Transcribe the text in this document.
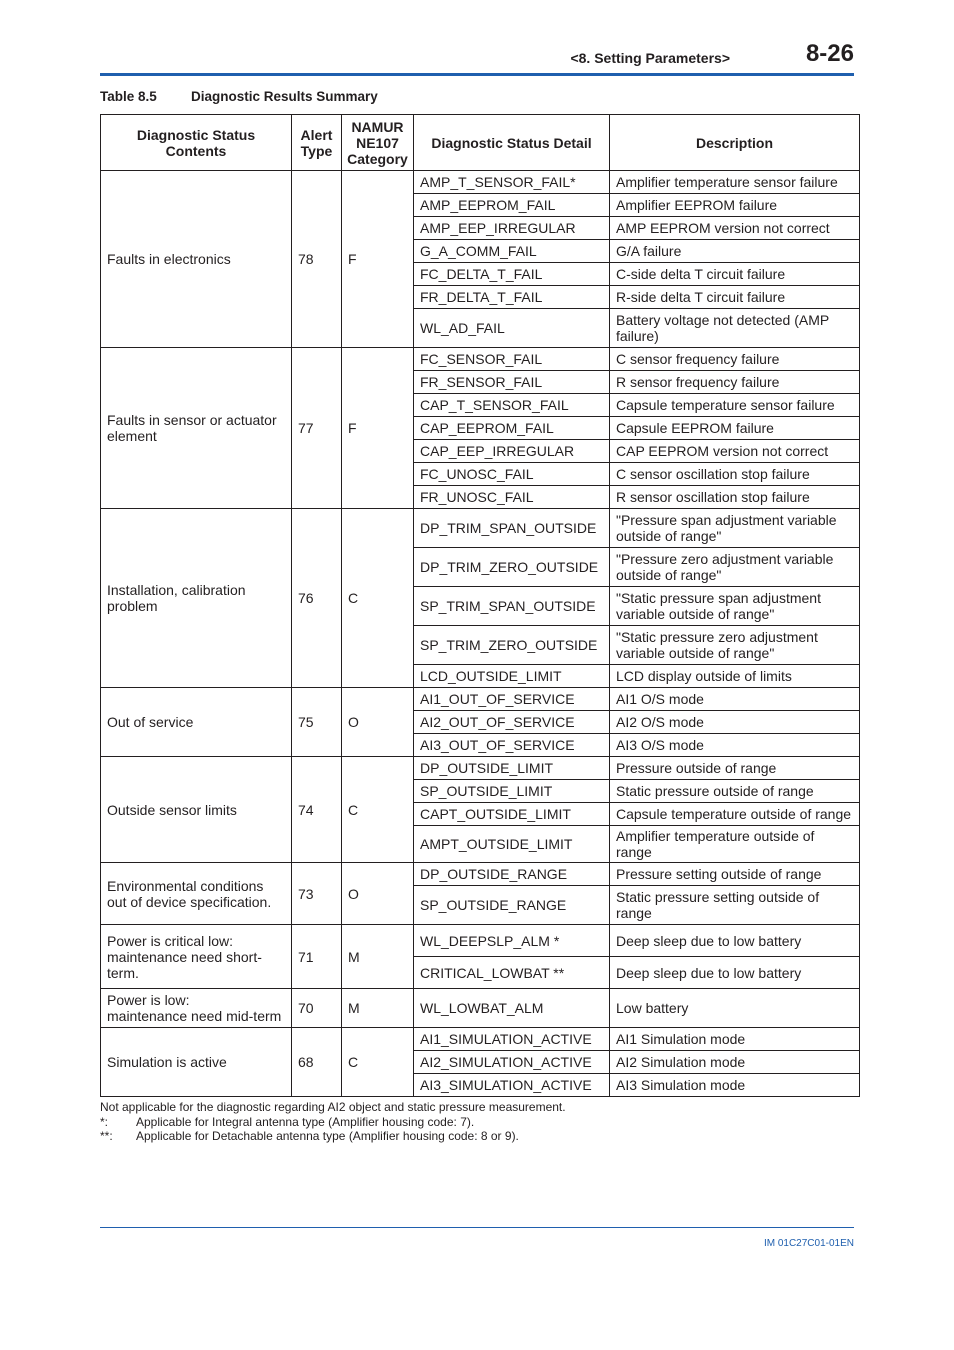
<8. Setting Parameters>	8-26
Table 8.5	Diagnostic Results Summary
Diagnostic Status Contents	Alert Type	NAMUR NE107 Category	Diagnostic Status Detail	Description
Faults in electronics	78	F	AMP_T_SENSOR_FAIL*	Amplifier temperature sensor failure
			AMP_EEPROM_FAIL	Amplifier EEPROM failure
			AMP_EEP_IRREGULAR	AMP EEPROM version not correct
			G_A_COMM_FAIL	G/A failure
			FC_DELTA_T_FAIL	C-side delta T circuit failure
			FR_DELTA_T_FAIL	R-side delta T circuit failure
			WL_AD_FAIL	Battery voltage not detected (AMP failure)
Faults in sensor or actuator element	77	F	FC_SENSOR_FAIL	C sensor frequency failure
			FR_SENSOR_FAIL	R sensor frequency failure
			CAP_T_SENSOR_FAIL	Capsule temperature sensor failure
			CAP_EEPROM_FAIL	Capsule EEPROM failure
			CAP_EEP_IRREGULAR	CAP EEPROM version not correct
			FC_UNOSC_FAIL	C sensor oscillation stop failure
			FR_UNOSC_FAIL	R sensor oscillation stop failure
Installation, calibration problem	76	C	DP_TRIM_SPAN_OUTSIDE	"Pressure span adjustment variable outside of range"
			DP_TRIM_ZERO_OUTSIDE	"Pressure zero adjustment variable outside of range"
			SP_TRIM_SPAN_OUTSIDE	"Static pressure span adjustment variable outside of range"
			SP_TRIM_ZERO_OUTSIDE	"Static pressure zero adjustment variable outside of range"
			LCD_OUTSIDE_LIMIT	LCD display outside of limits
Out of service	75	O	AI1_OUT_OF_SERVICE	AI1 O/S mode
			AI2_OUT_OF_SERVICE	AI2 O/S mode
			AI3_OUT_OF_SERVICE	AI3 O/S mode
Outside sensor limits	74	C	DP_OUTSIDE_LIMIT	Pressure outside of range
			SP_OUTSIDE_LIMIT	Static pressure outside of range
			CAPT_OUTSIDE_LIMIT	Capsule temperature outside of range
			AMPT_OUTSIDE_LIMIT	Amplifier temperature outside of range
Environmental conditions out of device specification.	73	O	DP_OUTSIDE_RANGE	Pressure setting outside of range
			SP_OUTSIDE_RANGE	Static pressure setting outside of range
Power is critical low:
maintenance need short-
term.	71	M	WL_DEEPSLP_ALM *	Deep sleep due to low battery
			CRITICAL_LOWBAT **	Deep sleep due to low battery
Power is low:
maintenance need mid-term	70	M	WL_LOWBAT_ALM	Low battery
Simulation is active	68	C	AI1_SIMULATION_ACTIVE	AI1 Simulation mode
			AI2_SIMULATION_ACTIVE	AI2 Simulation mode
			AI3_SIMULATION_ACTIVE	AI3 Simulation mode
Not applicable for the diagnostic regarding AI2 object and static pressure measurement.
*: Applicable for Integral antenna type (Amplifier housing code: 7).
**: Applicable for Detachable antenna type (Amplifier housing code: 8 or 9).
IM 01C27C01-01EN
